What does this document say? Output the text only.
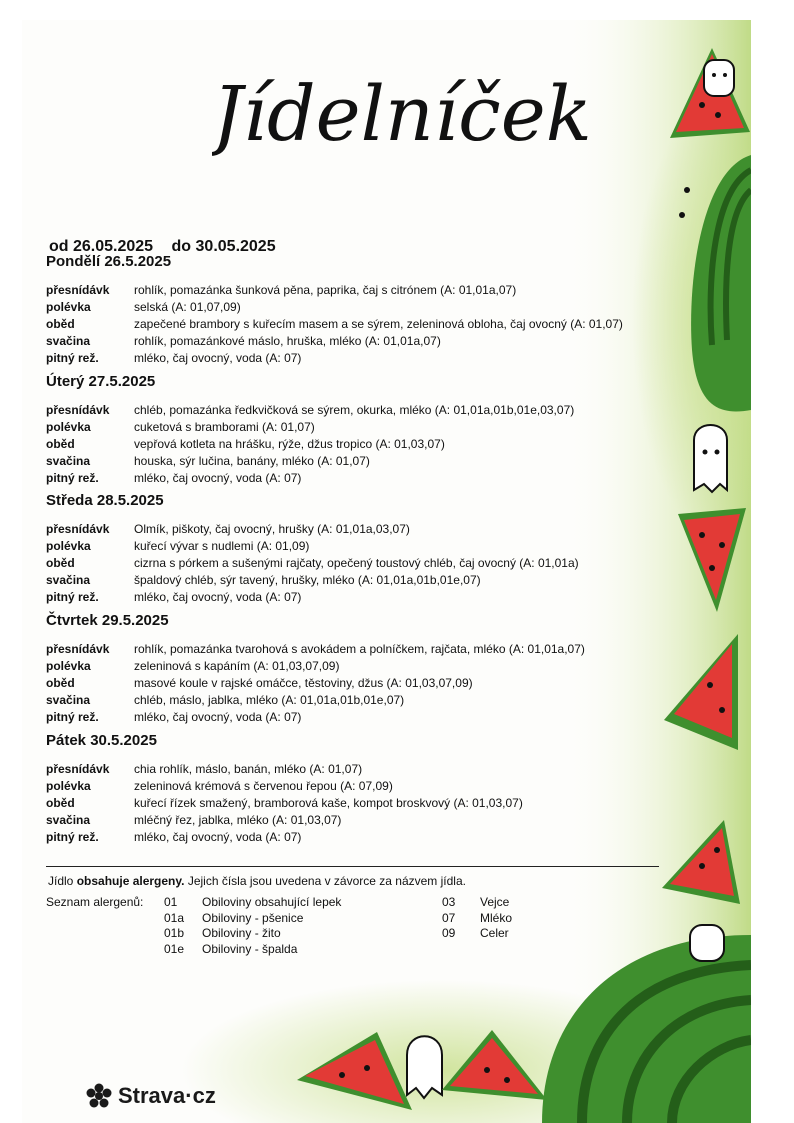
Jídelníček
od 26.05.2025 do 30.05.2025
Pondělí 26.5.2025
přesnídávk	rohlík, pomazánka šunková pěna, paprika, čaj s citrónem (A: 01,01a,07)
polévka	selská (A: 01,07,09)
oběd	zapečené brambory s kuřecím masem a se sýrem, zeleninová obloha, čaj ovocný (A: 01,07)
svačina	rohlík, pomazánkové máslo, hruška, mléko (A: 01,01a,07)
pitný rež.	mléko, čaj ovocný, voda (A: 07)
Úterý 27.5.2025
přesnídávk	chléb, pomazánka ředkvičková se sýrem, okurka, mléko (A: 01,01a,01b,01e,03,07)
polévka	cuketová s bramborami (A: 01,07)
oběd	vepřová kotleta na hrášku, rýže, džus tropico (A: 01,03,07)
svačina	houska, sýr lučina, banány, mléko (A: 01,07)
pitný rež.	mléko, čaj ovocný, voda (A: 07)
Středa 28.5.2025
přesnídávk	Olmík, piškoty, čaj ovocný, hrušky (A: 01,01a,03,07)
polévka	kuřecí vývar s nudlemi (A: 01,09)
oběd	cizrna s pórkem a sušenými rajčaty, opečený toustový chléb, čaj ovocný (A: 01,01a)
svačina	špaldový chléb, sýr tavený, hrušky, mléko (A: 01,01a,01b,01e,07)
pitný rež.	mléko, čaj ovocný, voda (A: 07)
Čtvrtek 29.5.2025
přesnídávk	rohlík, pomazánka tvarohová s avokádem a polníčkem, rajčata, mléko (A: 01,01a,07)
polévka	zeleninová s kapáním (A: 01,03,07,09)
oběd	masové koule v rajské omáčce, těstoviny, džus (A: 01,03,07,09)
svačina	chléb, máslo, jablka, mléko (A: 01,01a,01b,01e,07)
pitný rež.	mléko, čaj ovocný, voda (A: 07)
Pátek 30.5.2025
přesnídávk	chia rohlík, máslo, banán, mléko (A: 01,07)
polévka	zeleninová krémová s červenou řepou (A: 07,09)
oběd	kuřecí řízek smažený, bramborová kaše, kompot broskvový (A: 01,03,07)
svačina	mléčný řez, jablka, mléko (A: 01,03,07)
pitný rež.	mléko, čaj ovocný, voda (A: 07)
Jídlo obsahuje alergeny. Jejich čísla jsou uvedena v závorce za názvem jídla.
Seznam alergenů: 01 Obiloviny obsahující lepek
01a Obiloviny - pšenice
01b Obiloviny - žito
01e Obiloviny - špalda
03 Vejce
07 Mléko
09 Celer
Strava·cz
